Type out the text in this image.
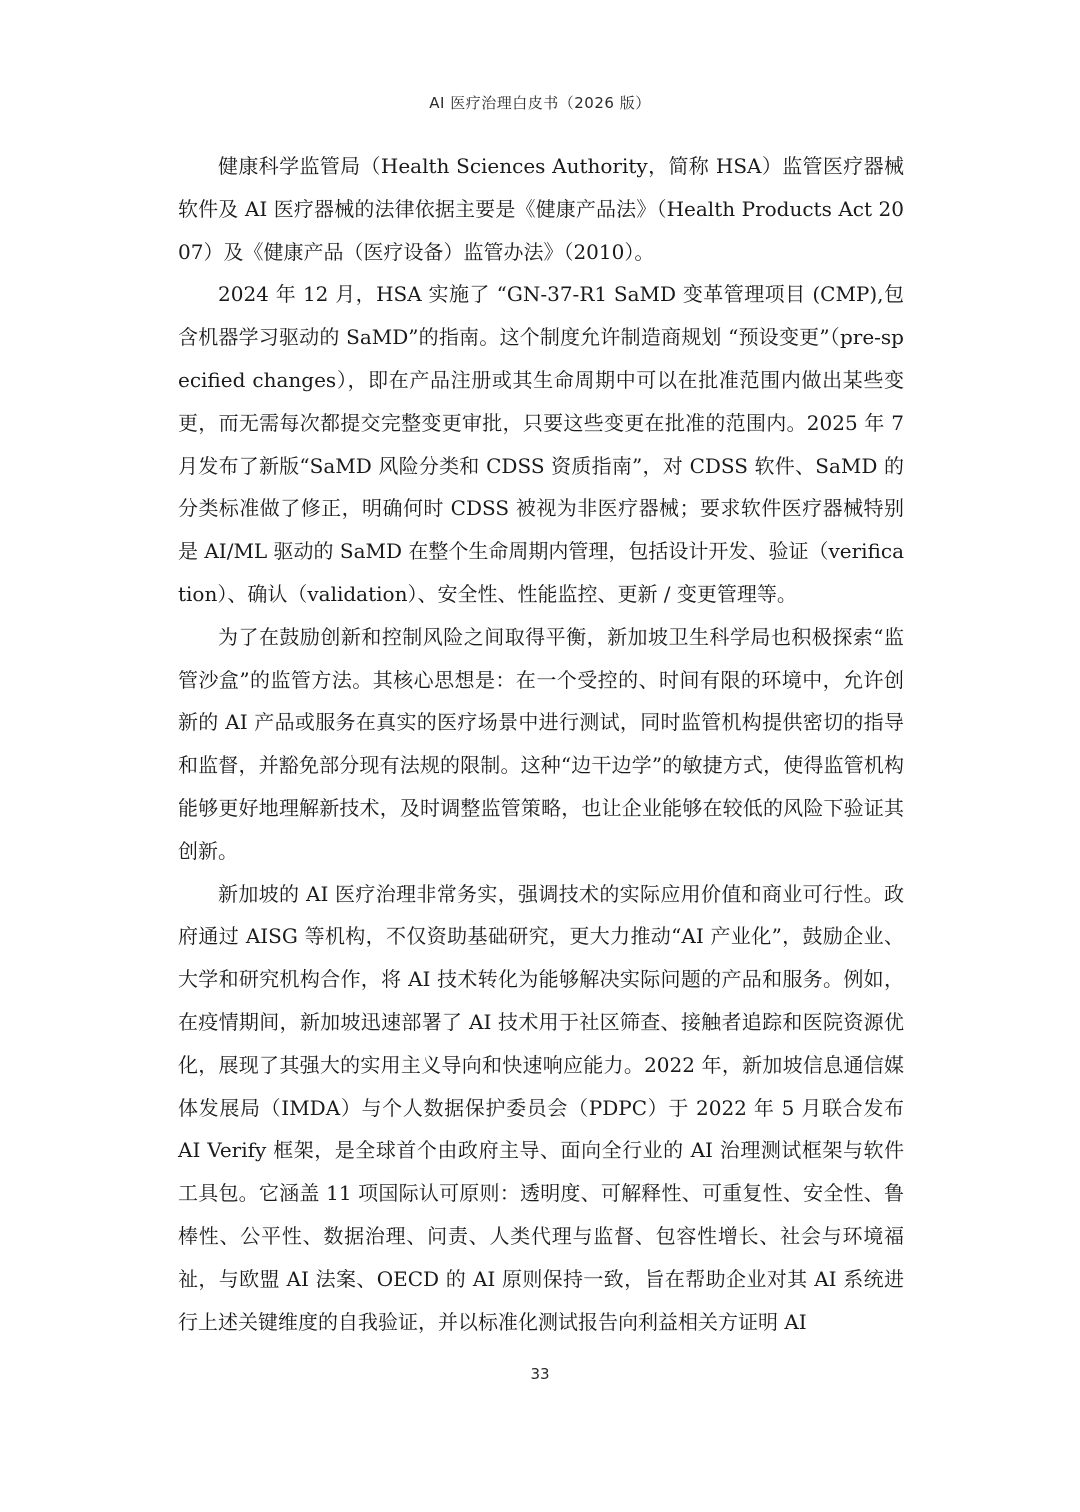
AI 医疗治理白皮书（2026 版）

健康科学监管局（Health Sciences Authority，简称 HSA）监管医疗器械软件及 AI 医疗器械的法律依据主要是《健康产品法》（Health Products Act 2007）及《健康产品（医疗设备）监管办法》（2010）。

2024 年 12 月，HSA 实施了 “GN-37-R1 SaMD 变革管理项目 (CMP),包含机器学习驱动的 SaMD”的指南。这个制度允许制造商规划 “预设变更”（pre-specified changes），即在产品注册或其生命周期中可以在批准范围内做出某些变更，而无需每次都提交完整变更审批，只要这些变更在批准的范围内。2025 年 7 月发布了新版“SaMD 风险分类和 CDSS 资质指南”，对 CDSS 软件、SaMD 的分类标准做了修正，明确何时 CDSS 被视为非医疗器械；要求软件医疗器械特别是 AI/ML 驱动的 SaMD 在整个生命周期内管理，包括设计开发、验证（verification）、确认（validation）、安全性、性能监控、更新 / 变更管理等。

为了在鼓励创新和控制风险之间取得平衡，新加坡卫生科学局也积极探索“监管沙盒”的监管方法。其核心思想是：在一个受控的、时间有限的环境中，允许创新的 AI 产品或服务在真实的医疗场景中进行测试，同时监管机构提供密切的指导和监督，并豁免部分现有法规的限制。这种“边干边学”的敏捷方式，使得监管机构能够更好地理解新技术，及时调整监管策略，也让企业能够在较低的风险下验证其创新。

新加坡的 AI 医疗治理非常务实，强调技术的实际应用价值和商业可行性。政府通过 AISG 等机构，不仅资助基础研究，更大力推动“AI 产业化”，鼓励企业、大学和研究机构合作，将 AI 技术转化为能够解决实际问题的产品和服务。例如，在疫情期间，新加坡迅速部署了 AI 技术用于社区筛查、接触者追踪和医院资源优化，展现了其强大的实用主义导向和快速响应能力。2022 年，新加坡信息通信媒体发展局（IMDA）与个人数据保护委员会（PDPC）于 2022 年 5 月联合发布 AI Verify 框架，是全球首个由政府主导、面向全行业的 AI 治理测试框架与软件工具包。它涵盖 11 项国际认可原则：透明度、可解释性、可重复性、安全性、鲁棒性、公平性、数据治理、问责、人类代理与监督、包容性增长、社会与环境福祉，与欧盟 AI 法案、OECD 的 AI 原则保持一致，旨在帮助企业对其 AI 系统进行上述关键维度的自我验证，并以标准化测试报告向利益相关方证明 AI

33
